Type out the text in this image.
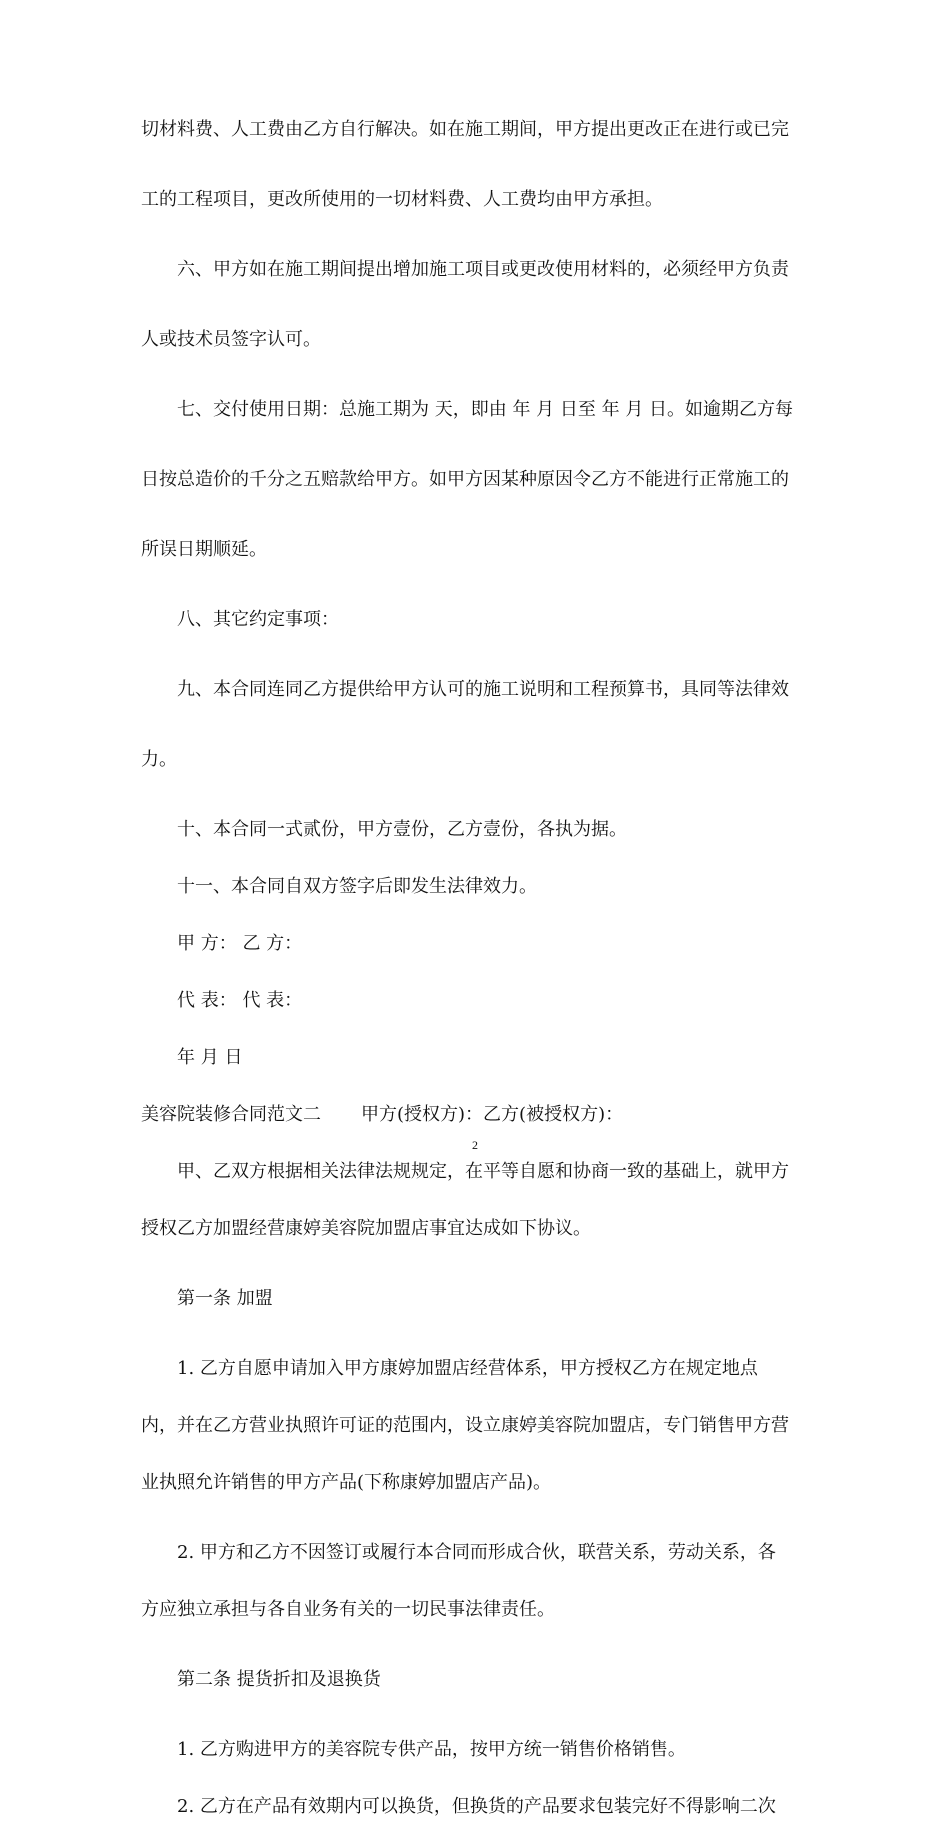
切材料费、人工费由乙方自行解决。如在施工期间，甲方提出更改正在进行或已完
工的工程项目，更改所使用的一切材料费、人工费均由甲方承担。
六、甲方如在施工期间提出增加施工项目或更改使用材料的，必须经甲方负责
人或技术员签字认可。
七、交付使用日期：总施工期为 天，即由 年 月 日至 年 月 日。如逾期乙方每
日按总造价的千分之五赔款给甲方。如甲方因某种原因令乙方不能进行正常施工的
所误日期顺延。
八、其它约定事项：
九、本合同连同乙方提供给甲方认可的施工说明和工程预算书，具同等法律效
力。
十、本合同一式贰份，甲方壹份，乙方壹份，各执为据。
十一、本合同自双方签字后即发生法律效力。
甲 方： 乙 方：
代 表： 代 表：
年 月 日
美容院装修合同范文二 甲方(授权方)：乙方(被授权方)：
甲、乙双方根据相关法律法规规定，在平等自愿和协商一致的基础上，就甲方
授权乙方加盟经营康婷美容院加盟店事宜达成如下协议。
第一条 加盟
1. 乙方自愿申请加入甲方康婷加盟店经营体系，甲方授权乙方在规定地点
内，并在乙方营业执照许可证的范围内，设立康婷美容院加盟店，专门销售甲方营
业执照允许销售的甲方产品(下称康婷加盟店产品)。
2. 甲方和乙方不因签订或履行本合同而形成合伙，联营关系，劳动关系，各
方应独立承担与各自业务有关的一切民事法律责任。
第二条 提货折扣及退换货
1. 乙方购进甲方的美容院专供产品，按甲方统一销售价格销售。
2. 乙方在产品有效期内可以换货，但换货的产品要求包装完好不得影响二次
2
